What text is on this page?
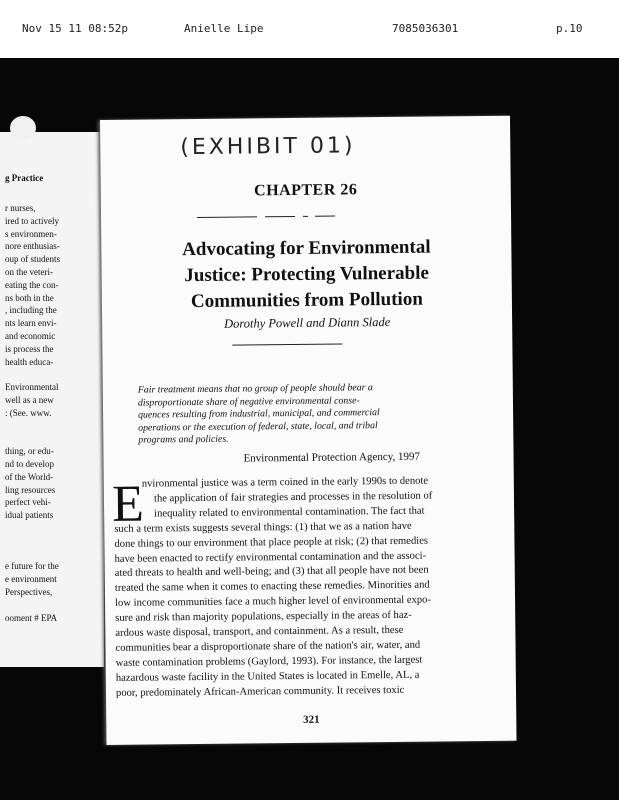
Nov 15 11 08:52p	Anielle Lipe	7085036301	p.10
g Practice
r nurses,
ired to actively
s environmen-
nore enthusias-
oup of students
on the veteri-
eating the con-
ns both in the
, including the
nts learn envi-
and economic
is process the
health educa-
Environmental
well as a new
: (See. www.
thing, or edu-
nd to develop
of the World-
ling resources
perfect vehi-
idual patients
e future for the
e environment
Perspectives,
ooment # EPA
(EXHIBIT 01)
CHAPTER 26
Advocating for Environmental
Justice: Protecting Vulnerable
Communities from Pollution
Dorothy Powell and Diann Slade
Fair treatment means that no group of people should bear a
disproportionate share of negative environmental conse-
quences resulting from industrial, municipal, and commercial
operations or the execution of federal, state, local, and tribal
programs and policies.
Environmental Protection Agency, 1997
E
nvironmental justice was a term coined in the early 1990s to denote
the application of fair strategies and processes in the resolution of
inequality related to environmental contamination. The fact that
such a term exists suggests several things: (1) that we as a nation have
done things to our environment that place people at risk; (2) that remedies
have been enacted to rectify environmental contamination and the associ-
ated threats to health and well-being; and (3) that all people have not been
treated the same when it comes to enacting these remedies. Minorities and
low income communities face a much higher level of environmental expo-
sure and risk than majority populations, especially in the areas of haz-
ardous waste disposal, transport, and containment. As a result, these
communities bear a disproportionate share of the nation's air, water, and
waste contamination problems (Gaylord, 1993). For instance, the largest
hazardous waste facility in the United States is located in Emelle, AL, a
poor, predominately African-American community. It receives toxic
321
